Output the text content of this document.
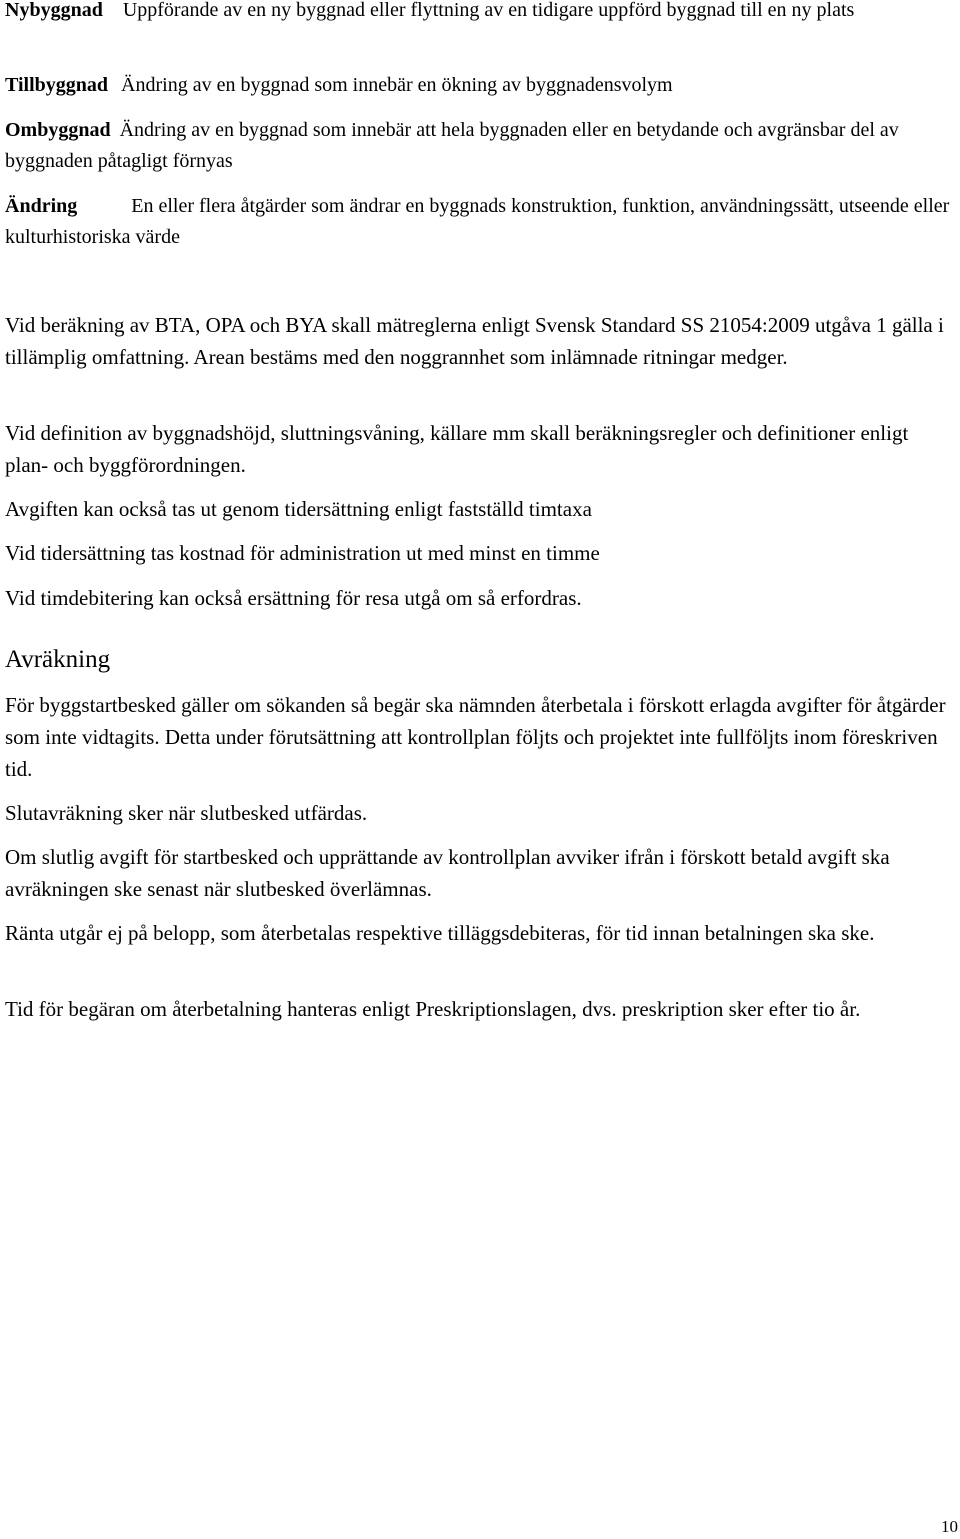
Nybyggnad Uppförande av en ny byggnad eller flyttning av en tidigare uppförd byggnad till en ny plats

Tillbyggnad Ändring av en byggnad som innebär en ökning av byggnadensvolym

Ombyggnad Ändring av en byggnad som innebär att hela byggnaden eller en betydande och avgränsbar del av byggnaden påtagligt förnyas

Ändring	En eller flera åtgärder som ändrar en byggnads konstruktion, funktion, användningssätt, utseende eller kulturhistoriska värde

Vid beräkning av BTA, OPA och BYA skall mätreglerna enligt Svensk Standard SS 21054:2009 utgåva 1 gälla i tillämplig omfattning. Arean bestäms med den noggrannhet som inlämnade ritningar medger.

Vid definition av byggnadshöjd, sluttningsvåning, källare mm skall beräkningsregler och definitioner enligt plan- och byggförordningen.

Avgiften kan också tas ut genom tidersättning enligt fastställd timtaxa

Vid tidersättning tas kostnad för administration ut med minst en timme

Vid timdebitering kan också ersättning för resa utgå om så erfordras.

Avräkning

För byggstartbesked gäller om sökanden så begär ska nämnden återbetala i förskott erlagda avgifter för åtgärder som inte vidtagits. Detta under förutsättning att kontrollplan följts och projektet inte fullföljts inom föreskriven tid.

Slutavräkning sker när slutbesked utfärdas.

Om slutlig avgift för startbesked och upprättande av kontrollplan avviker ifrån i förskott betald avgift ska avräkningen ske senast när slutbesked överlämnas.

Ränta utgår ej på belopp, som återbetalas respektive tilläggsdebiteras, för tid innan betalningen ska ske.

Tid för begäran om återbetalning hanteras enligt Preskriptionslagen, dvs. preskription sker efter tio år.

10
